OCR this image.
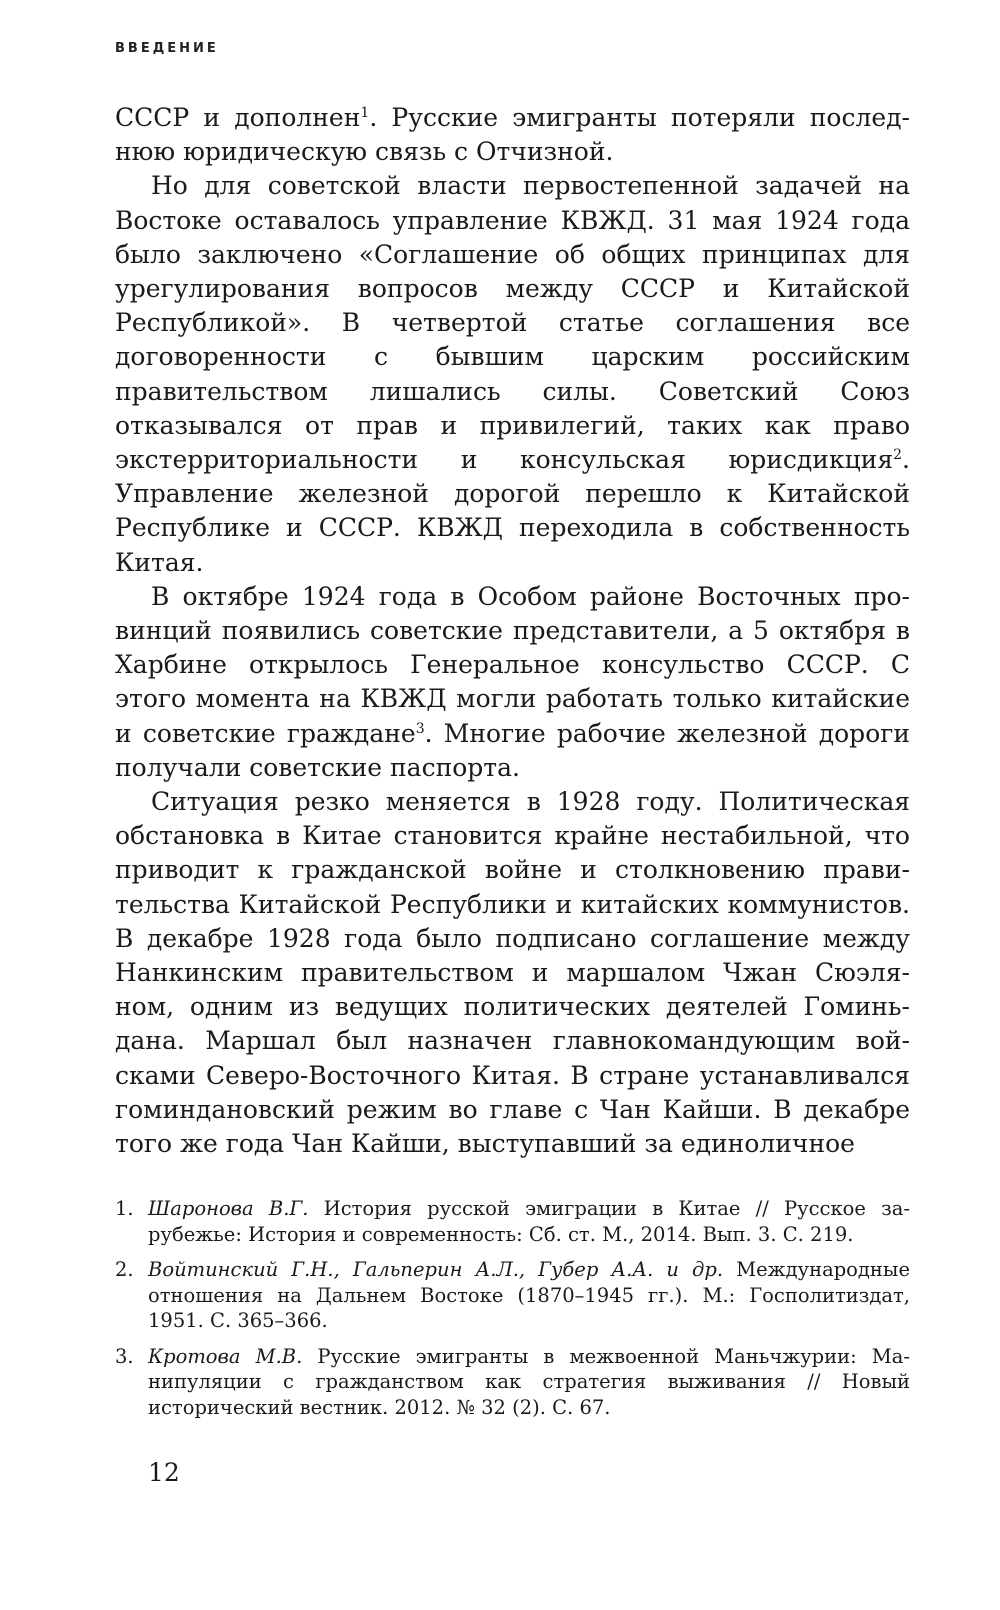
ВВЕДЕНИЕ

СССР и дополнен$^1$. Русские эмигранты потеряли последнюю юридическую связь с Отчизной.

Но для советской власти первостепенной задачей на Востоке оставалось управление КВЖД. 31 мая 1924 года было заключено «Соглашение об общих принципах для урегулирования вопросов между СССР и Китайской Республикой». В четвертой статье соглашения все договоренности с бывшим царским российским правительством лишались силы. Советский Союз отказывался от прав и привилегий, таких как право экстерриториальности и консульская юрисдикция$^2$. Управление железной дорогой перешло к Китайской Республике и СССР. КВЖД переходила в собственность Китая.

В октябре 1924 года в Особом районе Восточных провинций появились советские представители, а 5 октября в Харбине открылось Генеральное консульство СССР. С этого момента на КВЖД могли работать только китайские и советские граждане$^3$. Многие рабочие железной дороги получали советские паспорта.

Ситуация резко меняется в 1928 году. Политическая обстановка в Китае становится крайне нестабильной, что приводит к гражданской войне и столкновению правительства Китайской Республики и китайских коммунистов. В декабре 1928 года было подписано соглашение между Нанкинским правительством и маршалом Чжан Сюэляном, одним из ведущих политических деятелей Гоминьдана. Маршал был назначен главнокомандующим войсками Северо-Восточного Китая. В стране устанавливался гоминдановский режим во главе с Чан Кайши. В декабре того же года Чан Кайши, выступавший за единоличное

1. Шаронова В.Г. История русской эмиграции в Китае // Русское зарубежье: История и современность: Сб. ст. М., 2014. Вып. 3. С. 219.

2. Войтинский Г.Н., Гальперин А.Л., Губер А.А. и др. Международные отношения на Дальнем Востоке (1870–1945 гг.). М.: Госполитиздат, 1951. С. 365–366.

3. Кротова М.В. Русские эмигранты в межвоенной Маньчжурии: Манипуляции с гражданством как стратегия выживания // Новый исторический вестник. 2012. № 32 (2). С. 67.

12
